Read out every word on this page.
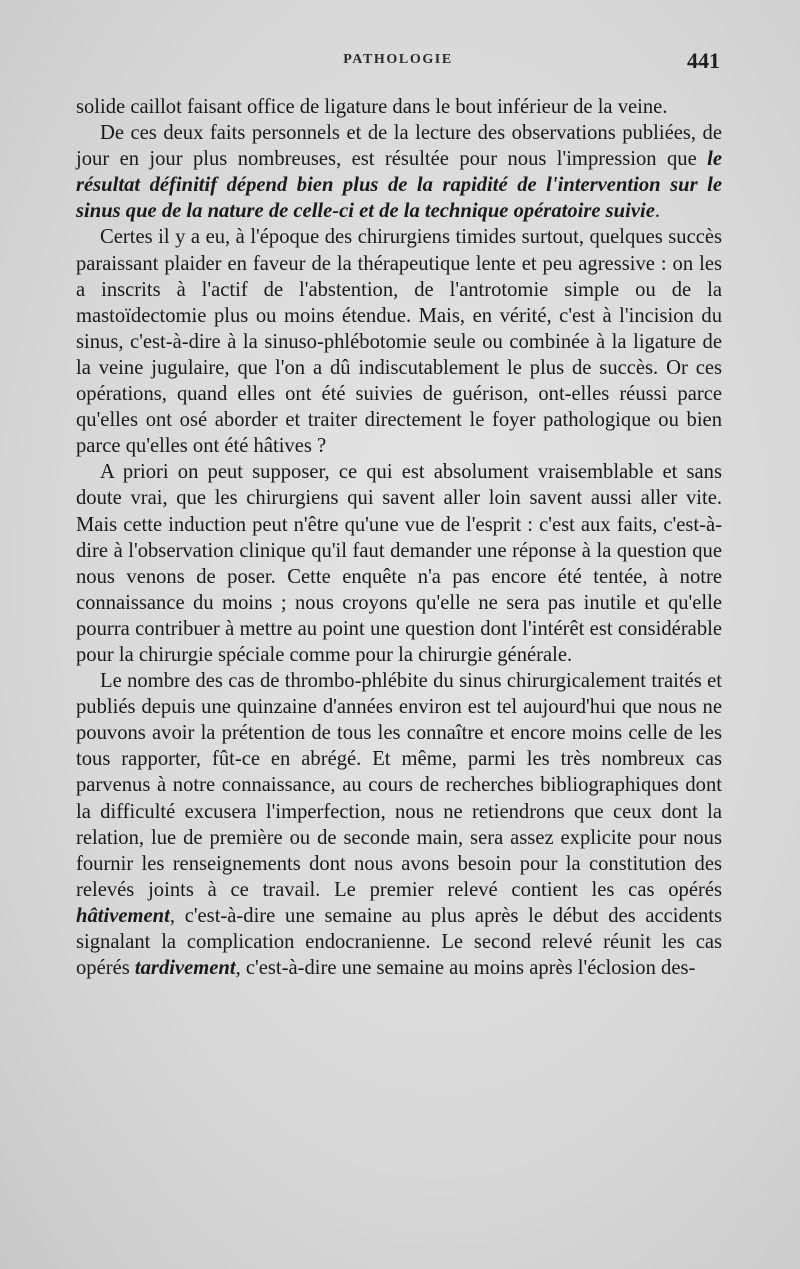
PATHOLOGIE	441

solide caillot faisant office de ligature dans le bout inférieur de la veine.

De ces deux faits personnels et de la lecture des observations publiées, de jour en jour plus nombreuses, est résultée pour nous l'impression que le résultat définitif dépend bien plus de la rapidité de l'intervention sur le sinus que de la nature de celle-ci et de la technique opératoire suivie.

Certes il y a eu, à l'époque des chirurgiens timides surtout, quelques succès paraissant plaider en faveur de la thérapeutique lente et peu agressive : on les a inscrits à l'actif de l'abstention, de l'antrotomie simple ou de la mastoïdectomie plus ou moins étendue. Mais, en vérité, c'est à l'incision du sinus, c'est-à-dire à la sinuso-phlébotomie seule ou combinée à la ligature de la veine jugulaire, que l'on a dû indiscutablement le plus de succès. Or ces opérations, quand elles ont été suivies de guérison, ont-elles réussi parce qu'elles ont osé aborder et traiter directement le foyer pathologique ou bien parce qu'elles ont été hâtives ?

A priori on peut supposer, ce qui est absolument vraisemblable et sans doute vrai, que les chirurgiens qui savent aller loin savent aussi aller vite. Mais cette induction peut n'être qu'une vue de l'esprit : c'est aux faits, c'est-à-dire à l'observation clinique qu'il faut demander une réponse à la question que nous venons de poser. Cette enquête n'a pas encore été tentée, à notre connaissance du moins ; nous croyons qu'elle ne sera pas inutile et qu'elle pourra contribuer à mettre au point une question dont l'intérêt est considérable pour la chirurgie spéciale comme pour la chirurgie générale.

Le nombre des cas de thrombo-phlébite du sinus chirurgicalement traités et publiés depuis une quinzaine d'années environ est tel aujourd'hui que nous ne pouvons avoir la prétention de tous les connaître et encore moins celle de les tous rapporter, fût-ce en abrégé. Et même, parmi les très nombreux cas parvenus à notre connaissance, au cours de recherches bibliographiques dont la difficulté excusera l'imperfection, nous ne retiendrons que ceux dont la relation, lue de première ou de seconde main, sera assez explicite pour nous fournir les renseignements dont nous avons besoin pour la constitution des relevés joints à ce travail. Le premier relevé contient les cas opérés hâtivement, c'est-à-dire une semaine au plus après le début des accidents signalant la complication endocranienne. Le second relevé réunit les cas opérés tardivement, c'est-à-dire une semaine au moins après l'éclosion des-
